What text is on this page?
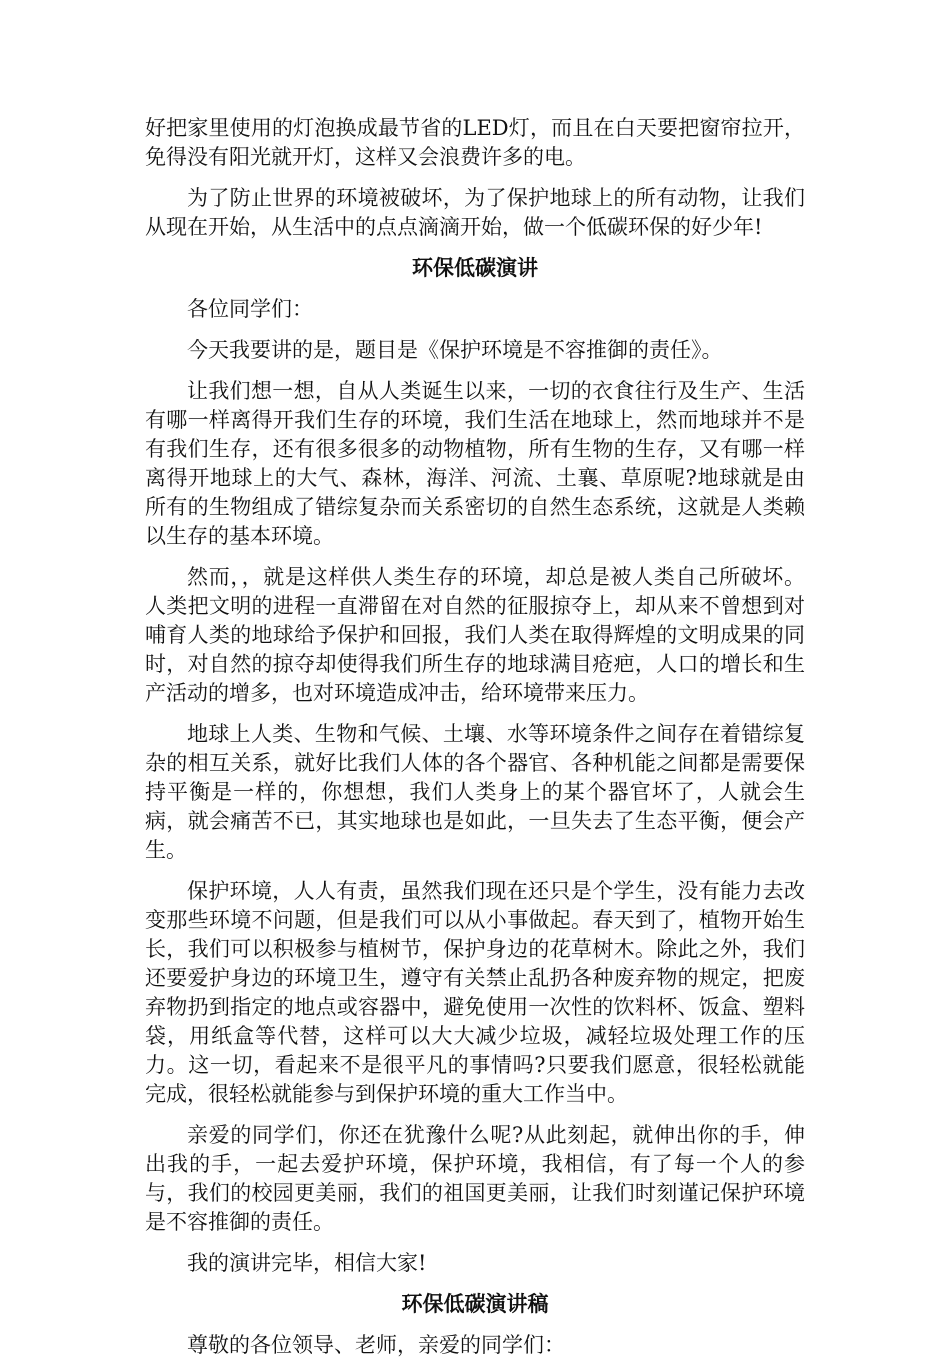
好把家里使用的灯泡换成最节省的LED灯，而且在白天要把窗帘拉开，免得没有阳光就开灯，这样又会浪费许多的电。

为了防止世界的环境被破坏，为了保护地球上的所有动物，让我们从现在开始，从生活中的点点滴滴开始，做一个低碳环保的好少年!

环保低碳演讲

各位同学们：

今天我要讲的是，题目是《保护环境是不容推御的责任》。

让我们想一想，自从人类诞生以来，一切的衣食往行及生产、生活有哪一样离得开我们生存的环境，我们生活在地球上，然而地球并不是有我们生存，还有很多很多的动物植物，所有生物的生存，又有哪一样离得开地球上的大气、森林，海洋、河流、土襄、草原呢?地球就是由所有的生物组成了错综复杂而关系密切的自然生态系统，这就是人类赖以生存的基本环境。

然而，，就是这样供人类生存的环境，却总是被人类自己所破坏。人类把文明的进程一直滞留在对自然的征服掠夺上，却从来不曾想到对哺育人类的地球给予保护和回报，我们人类在取得辉煌的文明成果的同时，对自然的掠夺却使得我们所生存的地球满目疮疤，人口的增长和生产活动的增多，也对环境造成冲击，给环境带来压力。

地球上人类、生物和气候、土壤、水等环境条件之间存在着错综复杂的相互关系，就好比我们人体的各个器官、各种机能之间都是需要保持平衡是一样的，你想想，我们人类身上的某个器官坏了，人就会生病，就会痛苦不已，其实地球也是如此，一旦失去了生态平衡，便会产生。

保护环境，人人有责，虽然我们现在还只是个学生，没有能力去改变那些环境不问题，但是我们可以从小事做起。春天到了，植物开始生长，我们可以积极参与植树节，保护身边的花草树木。除此之外，我们还要爱护身边的环境卫生，遵守有关禁止乱扔各种废弃物的规定，把废弃物扔到指定的地点或容器中，避免使用一次性的饮料杯、饭盒、塑料袋，用纸盒等代替，这样可以大大减少垃圾，减轻垃圾处理工作的压力。这一切，看起来不是很平凡的事情吗?只要我们愿意，很轻松就能完成，很轻松就能参与到保护环境的重大工作当中。

亲爱的同学们，你还在犹豫什么呢?从此刻起，就伸出你的手，伸出我的手，一起去爱护环境，保护环境，我相信，有了每一个人的参与，我们的校园更美丽，我们的祖国更美丽，让我们时刻谨记保护环境是不容推御的责任。

我的演讲完毕，相信大家!

环保低碳演讲稿

尊敬的各位领导、老师，亲爱的同学们：
